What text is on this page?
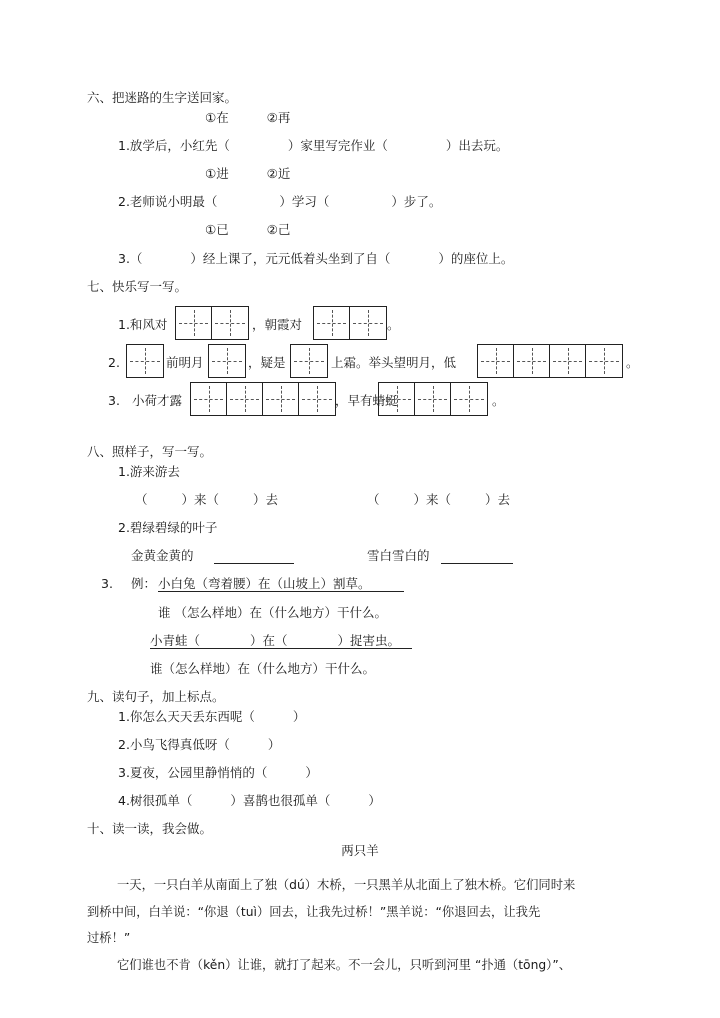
六、把迷路的生字送回家。
①在 ②再
1.放学后，小红先（ ）家里写完作业（ ）出去玩。
①进 ②近
2.老师说小明最（ ）学习（ ）步了。
①已 ②己
3.（ ）经上课了，元元低着头坐到了自（ ）的座位上。
七、快乐写一写。
1.和风对	，朝霞对	。
2.	前明月	，疑是	上霜。举头望明月，低	。
3. 小荷才露	，早有蜻蜓	。
八、照样子，写一写。
1.游来游去
（ ）来（ ）去	（ ）来（ ）去
2.碧绿碧绿的叶子
金黄金黄的	雪白雪白的
3. 例： 小白兔（弯着腰）在（山坡上）割草。
谁 （怎么样地）在（什么地方）干什么。
小青蛙（ ）在（ ）捉害虫。
谁（怎么样地）在（什么地方）干什么。
九、读句子，加上标点。
1.你怎么天天丢东西呢（ ）
2.小鸟飞得真低呀（ ）
3.夏夜，公园里静悄悄的（ ）
4.树很孤单（ ）喜鹊也很孤单（ ）
十、读一读，我会做。
两只羊
一天，一只白羊从南面上了独（dú）木桥，一只黑羊从北面上了独木桥。它们同时来
到桥中间，白羊说：“你退（tuì）回去，让我先过桥！”黑羊说：“你退回去，让我先
过桥！”
它们谁也不肯（kěn）让谁，就打了起来。不一会儿，只听到河里 “扑通（tōng）”、
